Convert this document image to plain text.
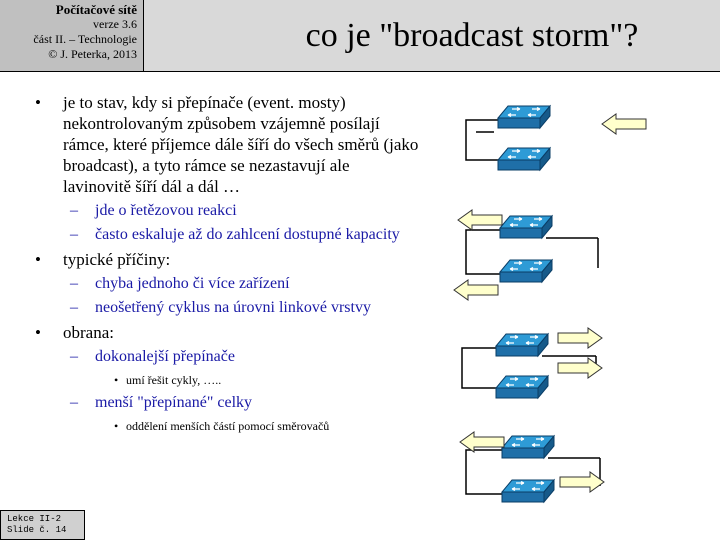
Počítačové sítě
verze 3.6
část II. – Technologie
© J. Peterka, 2013	co je "broadcast storm"?
• je to stav, kdy si přepínače (event. mosty) nekontrolovaným způsobem vzájemně posílají rámce, které příjemce dále šíří do všech směrů (jako broadcast), a tyto rámce se nezastavují ale lavinovitě šíří dál a dál …
– jde o řetězovou reakci
– často eskaluje až do zahlcení dostupné kapacity
• typické příčiny:
– chyba jednoho či více zařízení
– neošetřený cyklus na úrovni linkové vrstvy
• obrana:
– dokonalejší přepínače
• umí řešit cykly, …..
– menší "přepínané" celky
• oddělení menších částí pomocí směrovačů
Lekce II-2
Slide č. 14
